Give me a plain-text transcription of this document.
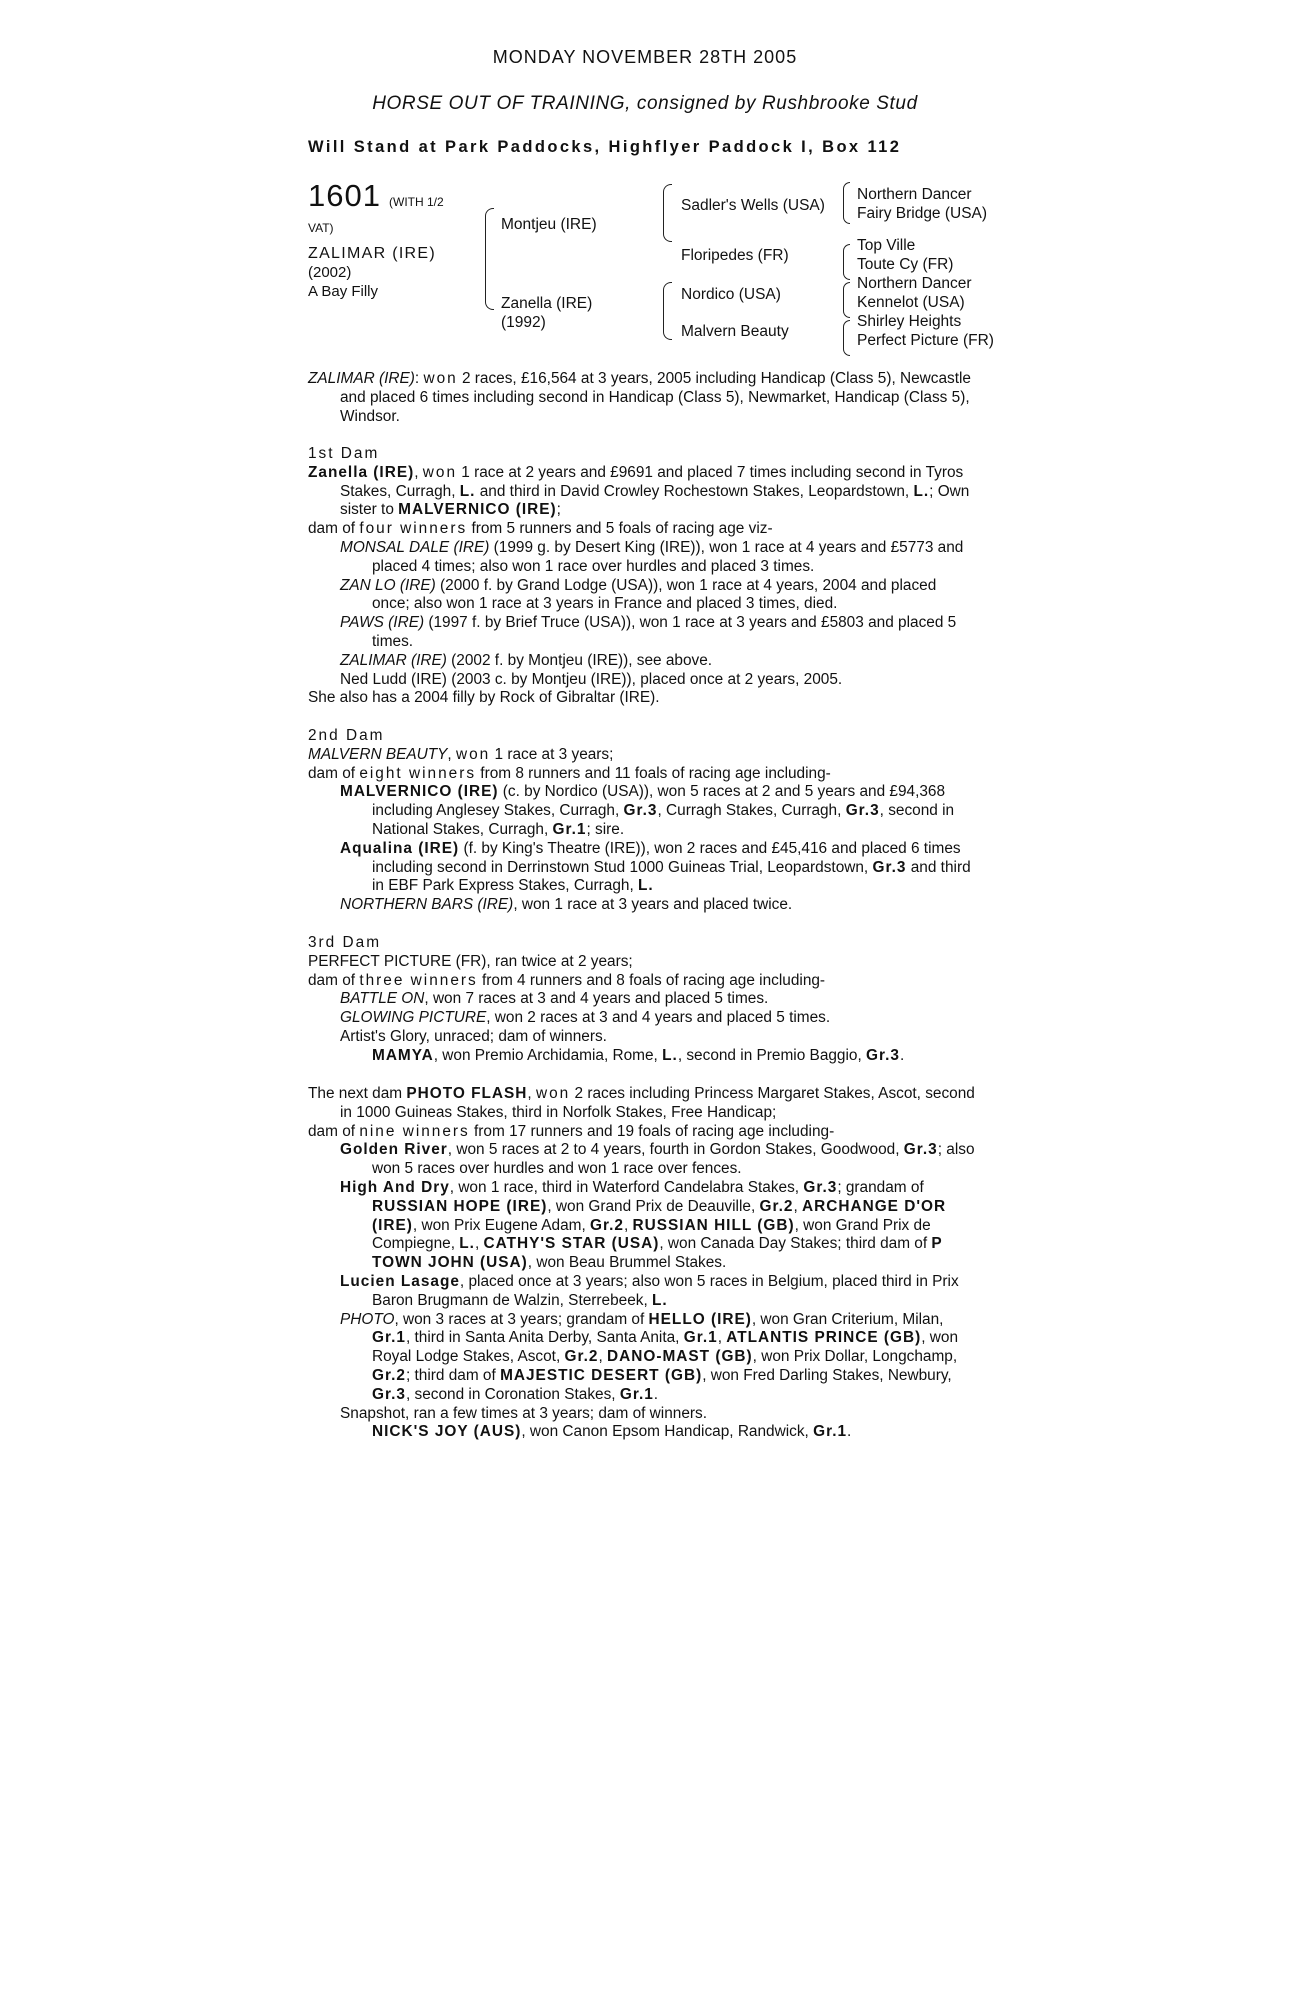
MONDAY NOVEMBER 28TH 2005
HORSE OUT OF TRAINING, consigned by Rushbrooke Stud
Will Stand at Park Paddocks, Highflyer Paddock I, Box 112
1601 (WITH 1/2
VAT)
ZALIMAR (IRE)
(2002)
A Bay Filly
Montjeu (IRE)
Zanella (IRE)
(1992)
Sadler's Wells (USA)
Floripedes (FR)
Nordico (USA)
Malvern Beauty
Northern Dancer
Fairy Bridge (USA)
Top Ville
Toute Cy (FR)
Northern Dancer
Kennelot (USA)
Shirley Heights
Perfect Picture (FR)

ZALIMAR (IRE): won 2 races, £16,564 at 3 years, 2005 including Handicap (Class 5), Newcastle and placed 6 times including second in Handicap (Class 5), Newmarket, Handicap (Class 5), Windsor.

1st Dam

Zanella (IRE), won 1 race at 2 years and £9691 and placed 7 times including second in Tyros Stakes, Curragh, L. and third in David Crowley Rochestown Stakes, Leopardstown, L.; Own sister to MALVERNICO (IRE);

dam of four winners from 5 runners and 5 foals of racing age viz-

MONSAL DALE (IRE) (1999 g. by Desert King (IRE)), won 1 race at 4 years and £5773 and placed 4 times; also won 1 race over hurdles and placed 3 times.

ZAN LO (IRE) (2000 f. by Grand Lodge (USA)), won 1 race at 4 years, 2004 and placed once; also won 1 race at 3 years in France and placed 3 times, died.

PAWS (IRE) (1997 f. by Brief Truce (USA)), won 1 race at 3 years and £5803 and placed 5 times.

ZALIMAR (IRE) (2002 f. by Montjeu (IRE)), see above.

Ned Ludd (IRE) (2003 c. by Montjeu (IRE)), placed once at 2 years, 2005.

She also has a 2004 filly by Rock of Gibraltar (IRE).

2nd Dam

MALVERN BEAUTY, won 1 race at 3 years;

dam of eight winners from 8 runners and 11 foals of racing age including-

MALVERNICO (IRE) (c. by Nordico (USA)), won 5 races at 2 and 5 years and £94,368 including Anglesey Stakes, Curragh, Gr.3, Curragh Stakes, Curragh, Gr.3, second in National Stakes, Curragh, Gr.1; sire.

Aqualina (IRE) (f. by King's Theatre (IRE)), won 2 races and £45,416 and placed 6 times including second in Derrinstown Stud 1000 Guineas Trial, Leopardstown, Gr.3 and third in EBF Park Express Stakes, Curragh, L.

NORTHERN BARS (IRE), won 1 race at 3 years and placed twice.

3rd Dam

PERFECT PICTURE (FR), ran twice at 2 years;

dam of three winners from 4 runners and 8 foals of racing age including-

BATTLE ON, won 7 races at 3 and 4 years and placed 5 times.

GLOWING PICTURE, won 2 races at 3 and 4 years and placed 5 times.

Artist's Glory, unraced; dam of winners.

MAMYA, won Premio Archidamia, Rome, L., second in Premio Baggio, Gr.3.

The next dam PHOTO FLASH, won 2 races including Princess Margaret Stakes, Ascot, second in 1000 Guineas Stakes, third in Norfolk Stakes, Free Handicap;

dam of nine winners from 17 runners and 19 foals of racing age including-

Golden River, won 5 races at 2 to 4 years, fourth in Gordon Stakes, Goodwood, Gr.3; also won 5 races over hurdles and won 1 race over fences.

High And Dry, won 1 race, third in Waterford Candelabra Stakes, Gr.3; grandam of RUSSIAN HOPE (IRE), won Grand Prix de Deauville, Gr.2, ARCHANGE D'OR (IRE), won Prix Eugene Adam, Gr.2, RUSSIAN HILL (GB), won Grand Prix de Compiegne, L., CATHY'S STAR (USA), won Canada Day Stakes; third dam of P TOWN JOHN (USA), won Beau Brummel Stakes.

Lucien Lasage, placed once at 3 years; also won 5 races in Belgium, placed third in Prix Baron Brugmann de Walzin, Sterrebeek, L.

PHOTO, won 3 races at 3 years; grandam of HELLO (IRE), won Gran Criterium, Milan, Gr.1, third in Santa Anita Derby, Santa Anita, Gr.1, ATLANTIS PRINCE (GB), won Royal Lodge Stakes, Ascot, Gr.2, DANO-MAST (GB), won Prix Dollar, Longchamp, Gr.2; third dam of MAJESTIC DESERT (GB), won Fred Darling Stakes, Newbury, Gr.3, second in Coronation Stakes, Gr.1.

Snapshot, ran a few times at 3 years; dam of winners.

NICK'S JOY (AUS), won Canon Epsom Handicap, Randwick, Gr.1.
